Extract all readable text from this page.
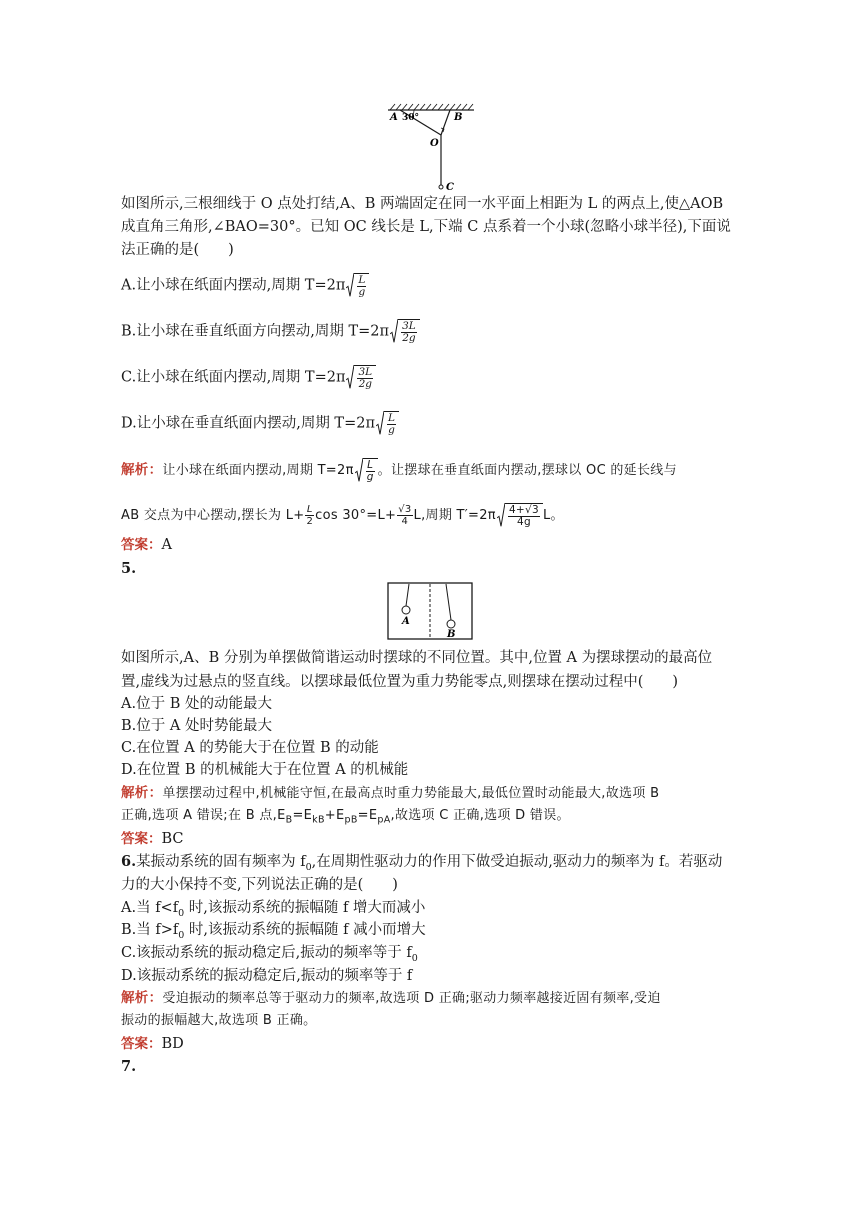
A 30°	B
O
C
如图所示,三根细线于 O 点处打结,A、B 两端固定在同一水平面上相距为 L 的两点上,使△AOB
成直角三角形,∠BAO=30°。已知 OC 线长是 L,下端 C 点系着一个小球(忽略小球半径),下面说
法正确的是(　　)
A.让小球在纸面内摆动,周期 $T=2\pi \frac{L}{g}$
B.让小球在垂直纸面方向摆动,周期 $T=2\pi \frac{3L}{2g}$
C.让小球在纸面内摆动,周期 $T=2\pi \frac{3L}{2g}$
D.让小球在垂直纸面内摆动,周期 $T=2\pi \frac{L}{g}$
解析：让小球在纸面内摆动,周期 $T=2\pi \frac{L}{g}$ 。让摆球在垂直纸面内摆动,摆球以 OC 的延长线与
AB 交点为中心摆动,摆长为 $L+ \frac{L}{2}$ $\cos 30^\circ=L+ \frac{√3}{4} L$,周期 $T'=2\pi \frac{4+√3}{4g}$ L。
答案：A
5.
A
B
如图所示,A、B 分别为单摆做简谐运动时摆球的不同位置。其中,位置 A 为摆球摆动的最高位
置,虚线为过悬点的竖直线。以摆球最低位置为重力势能零点,则摆球在摆动过程中(　　)
A.位于 B 处的动能最大
B.位于 A 处时势能最大
C.在位置 A 的势能大于在位置 B 的动能
D.在位置 B 的机械能大于在位置 A 的机械能
解析：单摆摆动过程中,机械能守恒,在最高点时重力势能最大,最低位置时动能最大,故选项 B
正确,选项 A 错误;在 B 点$,E_B=E_{kB}+E_{pB}=E_{pA}$,故选项 C 正确,选项 D 错误。
答案：BC
6.某振动系统的固有频率为 $f_0$,在周期性驱动力的作用下做受迫振动,驱动力的频率为 f。若驱动
力的大小保持不变,下列说法正确的是(　　)
A.当 $f<f_0$ 时,该振动系统的振幅随 f 增大而减小
B.当 $f>f_0$ 时,该振动系统的振幅随 f 减小而增大
C.该振动系统的振动稳定后,振动的频率等于 $f_0$
D.该振动系统的振动稳定后,振动的频率等于 f
解析：受迫振动的频率总等于驱动力的频率,故选项 D 正确;驱动力频率越接近固有频率,受迫
振动的振幅越大,故选项 B 正确。
答案：BD
7.
